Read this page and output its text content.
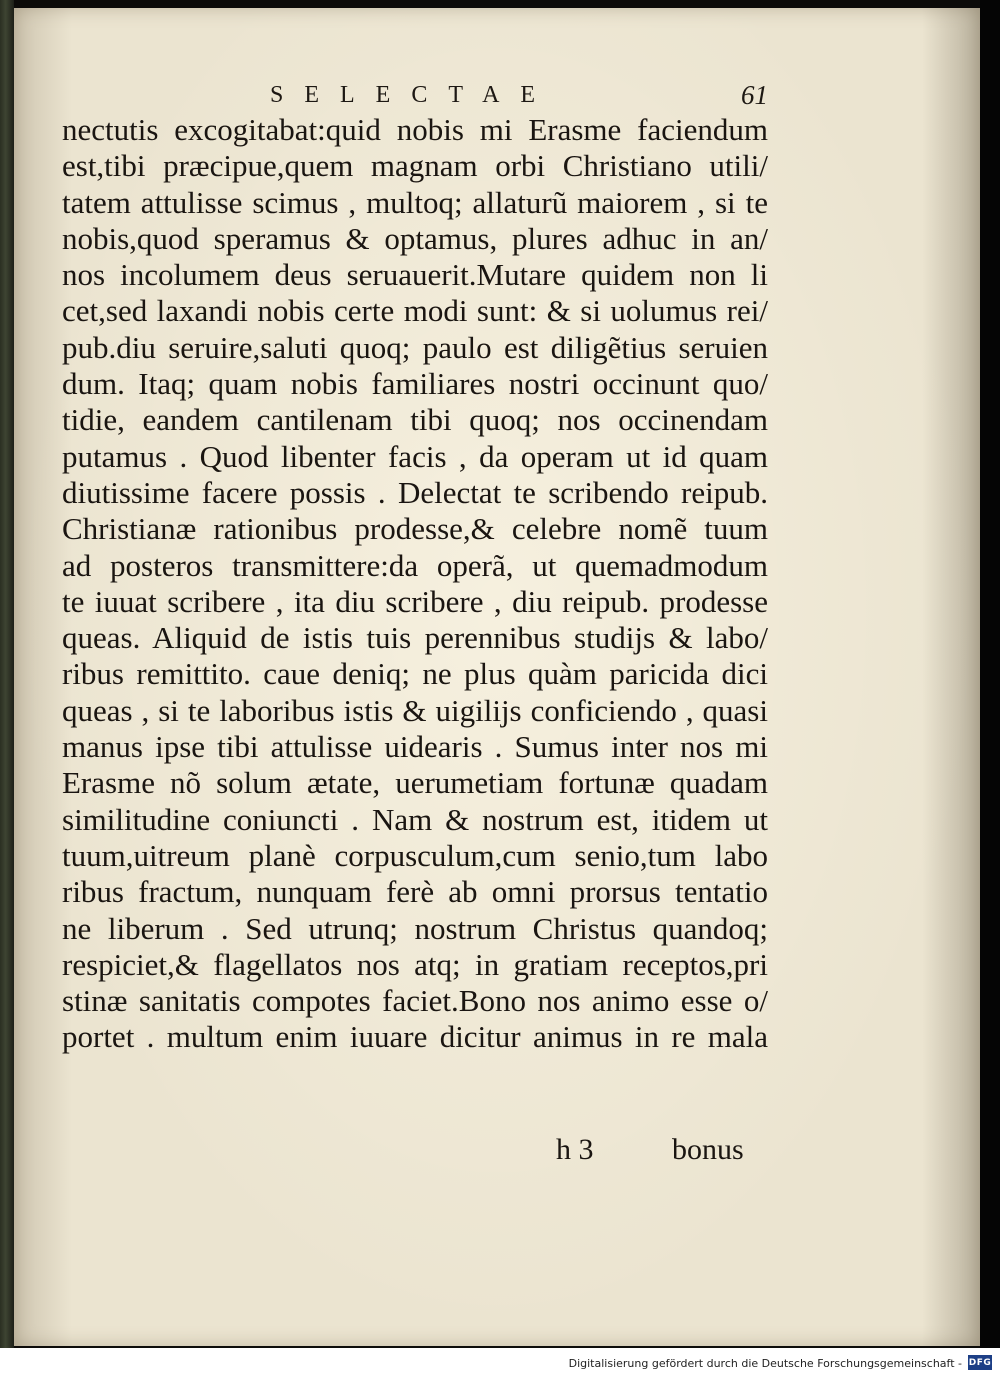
SELECTAE	61
nectutis excogitabat:quid nobis mi Erasme faciendum
est,tibi præcipue,quem magnam orbi Christiano utili/
tatem attulisse scimus , multoq; allaturũ maiorem , si te
nobis,quod speramus & optamus, plures adhuc in an/
nos incolumem deus seruauerit.Mutare quidem non li
cet,sed laxandi nobis certe modi sunt: & si uolumus rei/
pub.diu seruire,saluti quoq; paulo est diligẽtius seruien
dum. Itaq; quam nobis familiares nostri occinunt quo/
tidie, eandem cantilenam tibi quoq; nos occinendam
putamus . Quod libenter facis , da operam ut id quam
diutissime facere possis . Delectat te scribendo reipub.
Christianæ rationibus prodesse,& celebre nomẽ tuum
ad posteros transmittere:da operã, ut quemadmodum
te iuuat scribere , ita diu scribere , diu reipub. prodesse
queas. Aliquid de istis tuis perennibus studijs & labo/
ribus remittito. caue deniq; ne plus quàm paricida dici
queas , si te laboribus istis & uigilijs conficiendo , quasi
manus ipse tibi attulisse uidearis . Sumus inter nos mi
Erasme nõ solum ætate, uerumetiam fortunæ quadam
similitudine coniuncti . Nam & nostrum est, itidem ut
tuum,uitreum planè corpusculum,cum senio,tum labo
ribus fractum, nunquam ferè ab omni prorsus tentatio
ne liberum . Sed utrunq; nostrum Christus quandoq;
respiciet,& flagellatos nos atq; in gratiam receptos,pri
stinæ sanitatis compotes faciet.Bono nos animo esse o/
portet . multum enim iuuare dicitur animus in re mala
h 3	bonus
Digitalisierung gefördert durch die Deutsche Forschungsgemeinschaft - DFG
